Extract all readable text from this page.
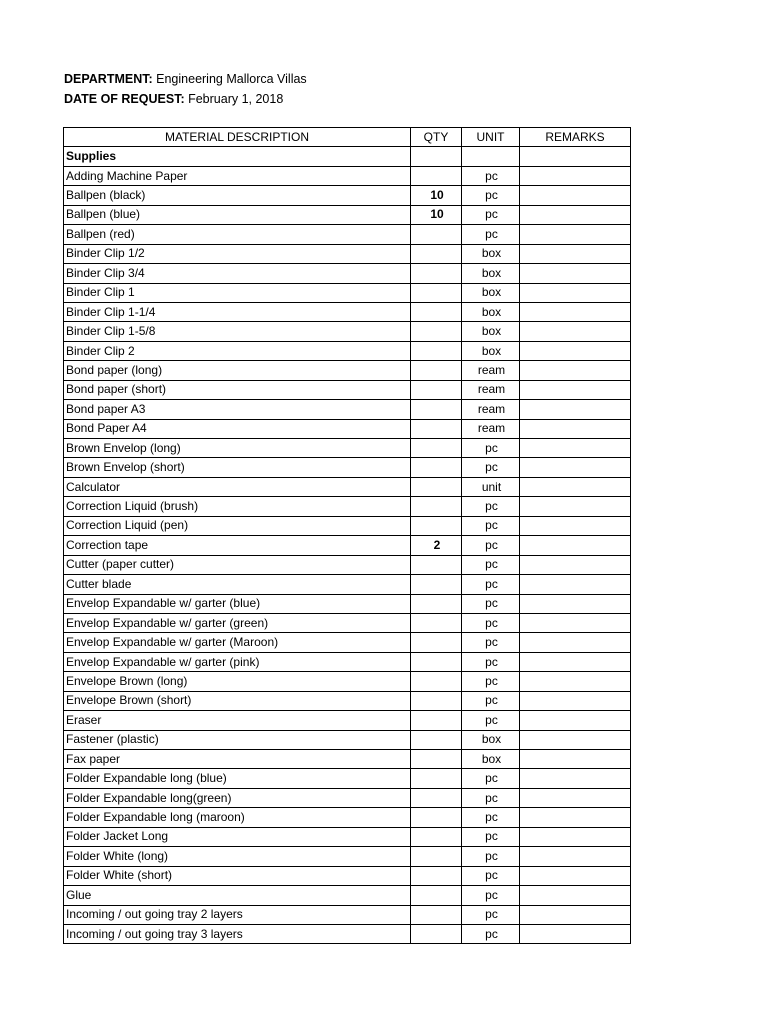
DEPARTMENT: Engineering Mallorca Villas
DATE OF REQUEST: February 1, 2018
MATERIAL DESCRIPTION	QTY	UNIT	REMARKS
Supplies			
Adding Machine Paper		pc	
Ballpen (black)	10	pc	
Ballpen (blue)	10	pc	
Ballpen (red)		pc	
Binder Clip 1/2		box	
Binder Clip 3/4		box	
Binder Clip 1		box	
Binder Clip 1-1/4		box	
Binder Clip 1-5/8		box	
Binder Clip 2		box	
Bond paper (long)		ream	
Bond paper (short)		ream	
Bond paper A3		ream	
Bond Paper A4		ream	
Brown Envelop (long)		pc	
Brown Envelop (short)		pc	
Calculator		unit	
Correction Liquid (brush)		pc	
Correction Liquid (pen)		pc	
Correction tape	2	pc	
Cutter (paper cutter)		pc	
Cutter blade		pc	
Envelop Expandable w/ garter (blue)		pc	
Envelop Expandable w/ garter (green)		pc	
Envelop Expandable w/ garter (Maroon)		pc	
Envelop Expandable w/ garter (pink)		pc	
Envelope Brown (long)		pc	
Envelope Brown (short)		pc	
Eraser		pc	
Fastener (plastic)		box	
Fax paper		box	
Folder Expandable long (blue)		pc	
Folder Expandable long(green)		pc	
Folder Expandable long (maroon)		pc	
Folder Jacket Long		pc	
Folder White (long)		pc	
Folder White (short)		pc	
Glue		pc	
Incoming / out going tray 2 layers		pc	
Incoming / out going tray 3 layers		pc	
